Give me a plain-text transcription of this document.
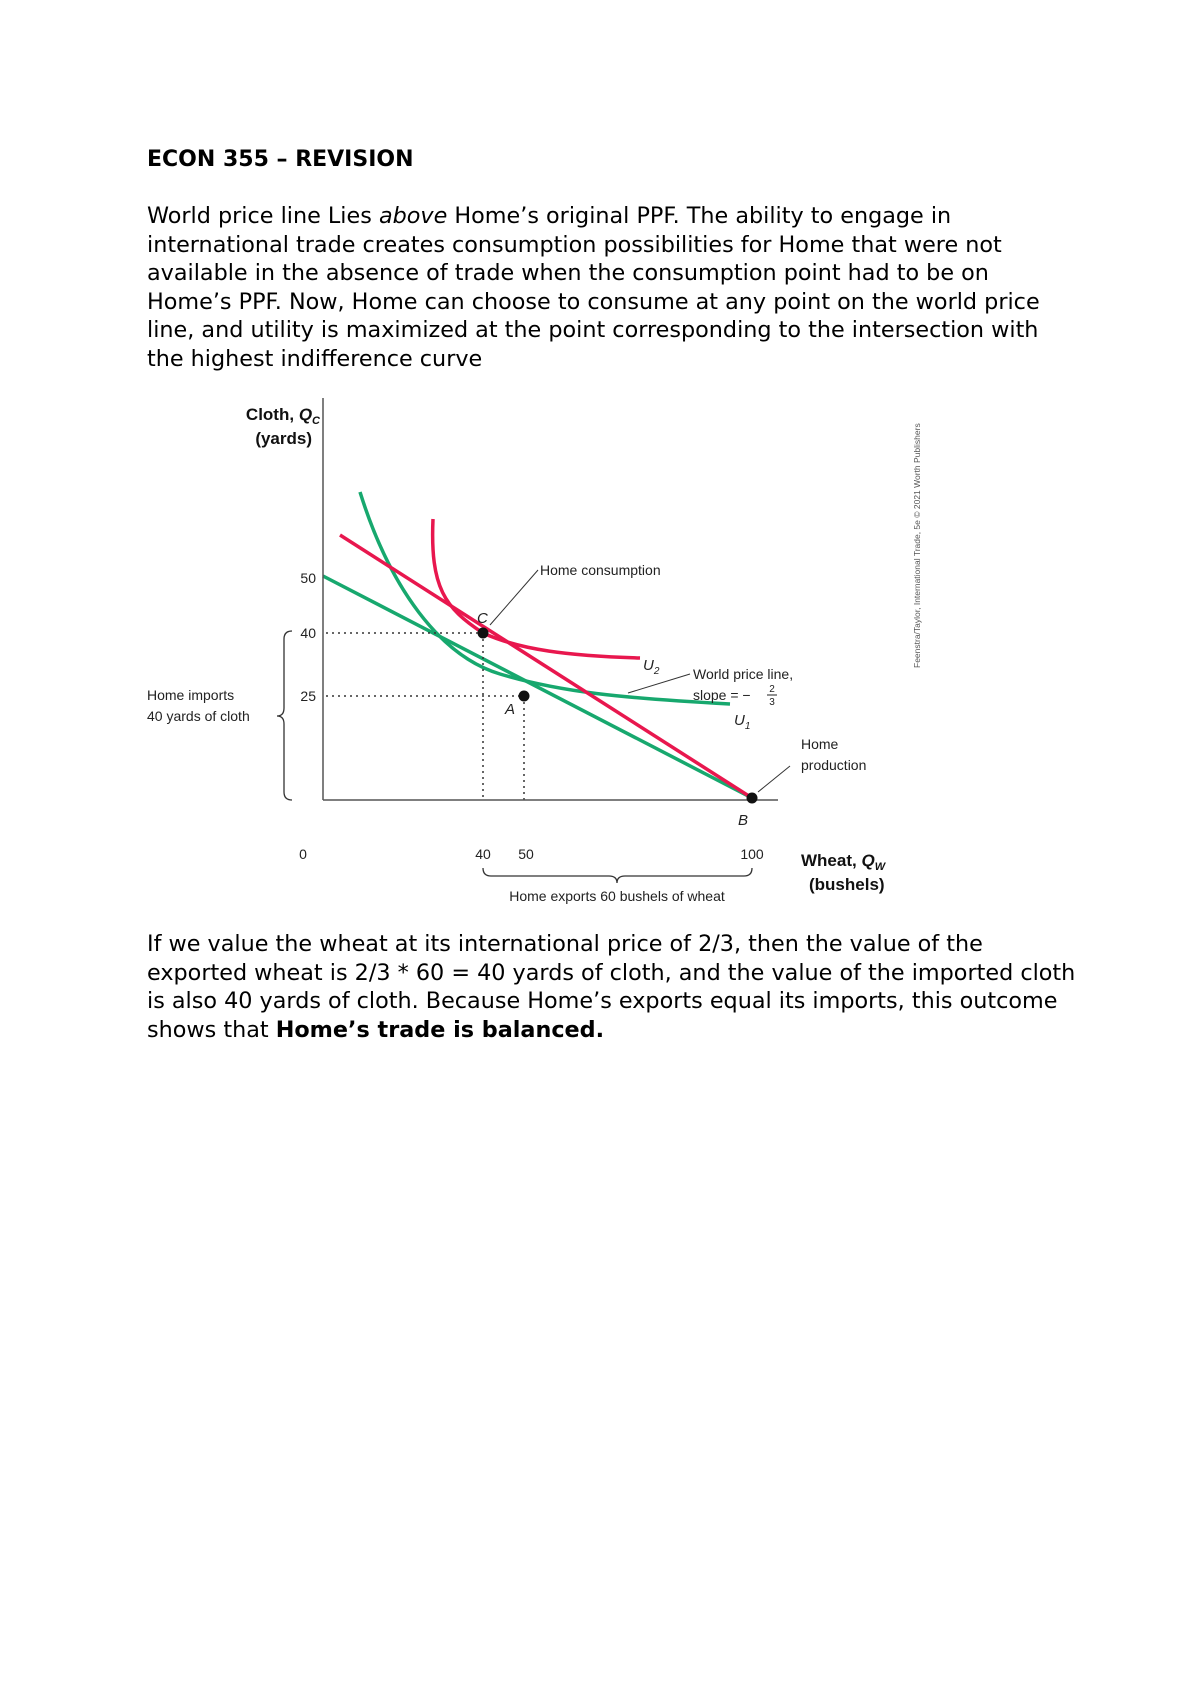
ECON 355 – REVISION

World price line Lies above Home’s original PPF. The ability to engage in international trade creates consumption possibilities for Home that were not available in the absence of trade when the consumption point had to be on Home’s PPF. Now, Home can choose to consume at any point on the world price line, and utility is maximized at the point corresponding to the intersection with the highest indifference curve

Cloth, $Q_C$
(yards)
Wheat, $Q_W$
(bushels)
50
40
25
0	40 50	100
C
A
B
Home consumption
$U_2$
$U_1$
World price line,
slope = − 2
3
Home
production
Home imports
40 yards of cloth
Home exports 60 bushels of wheat
Feenstra/Taylor, International Trade, 5e © 2021 Worth Publishers

If we value the wheat at its international price of 2/3, then the value of the exported wheat is 2/3 * 60 = 40 yards of cloth, and the value of the imported cloth is also 40 yards of cloth. Because Home’s exports equal its imports, this outcome shows that Home’s trade is balanced.
